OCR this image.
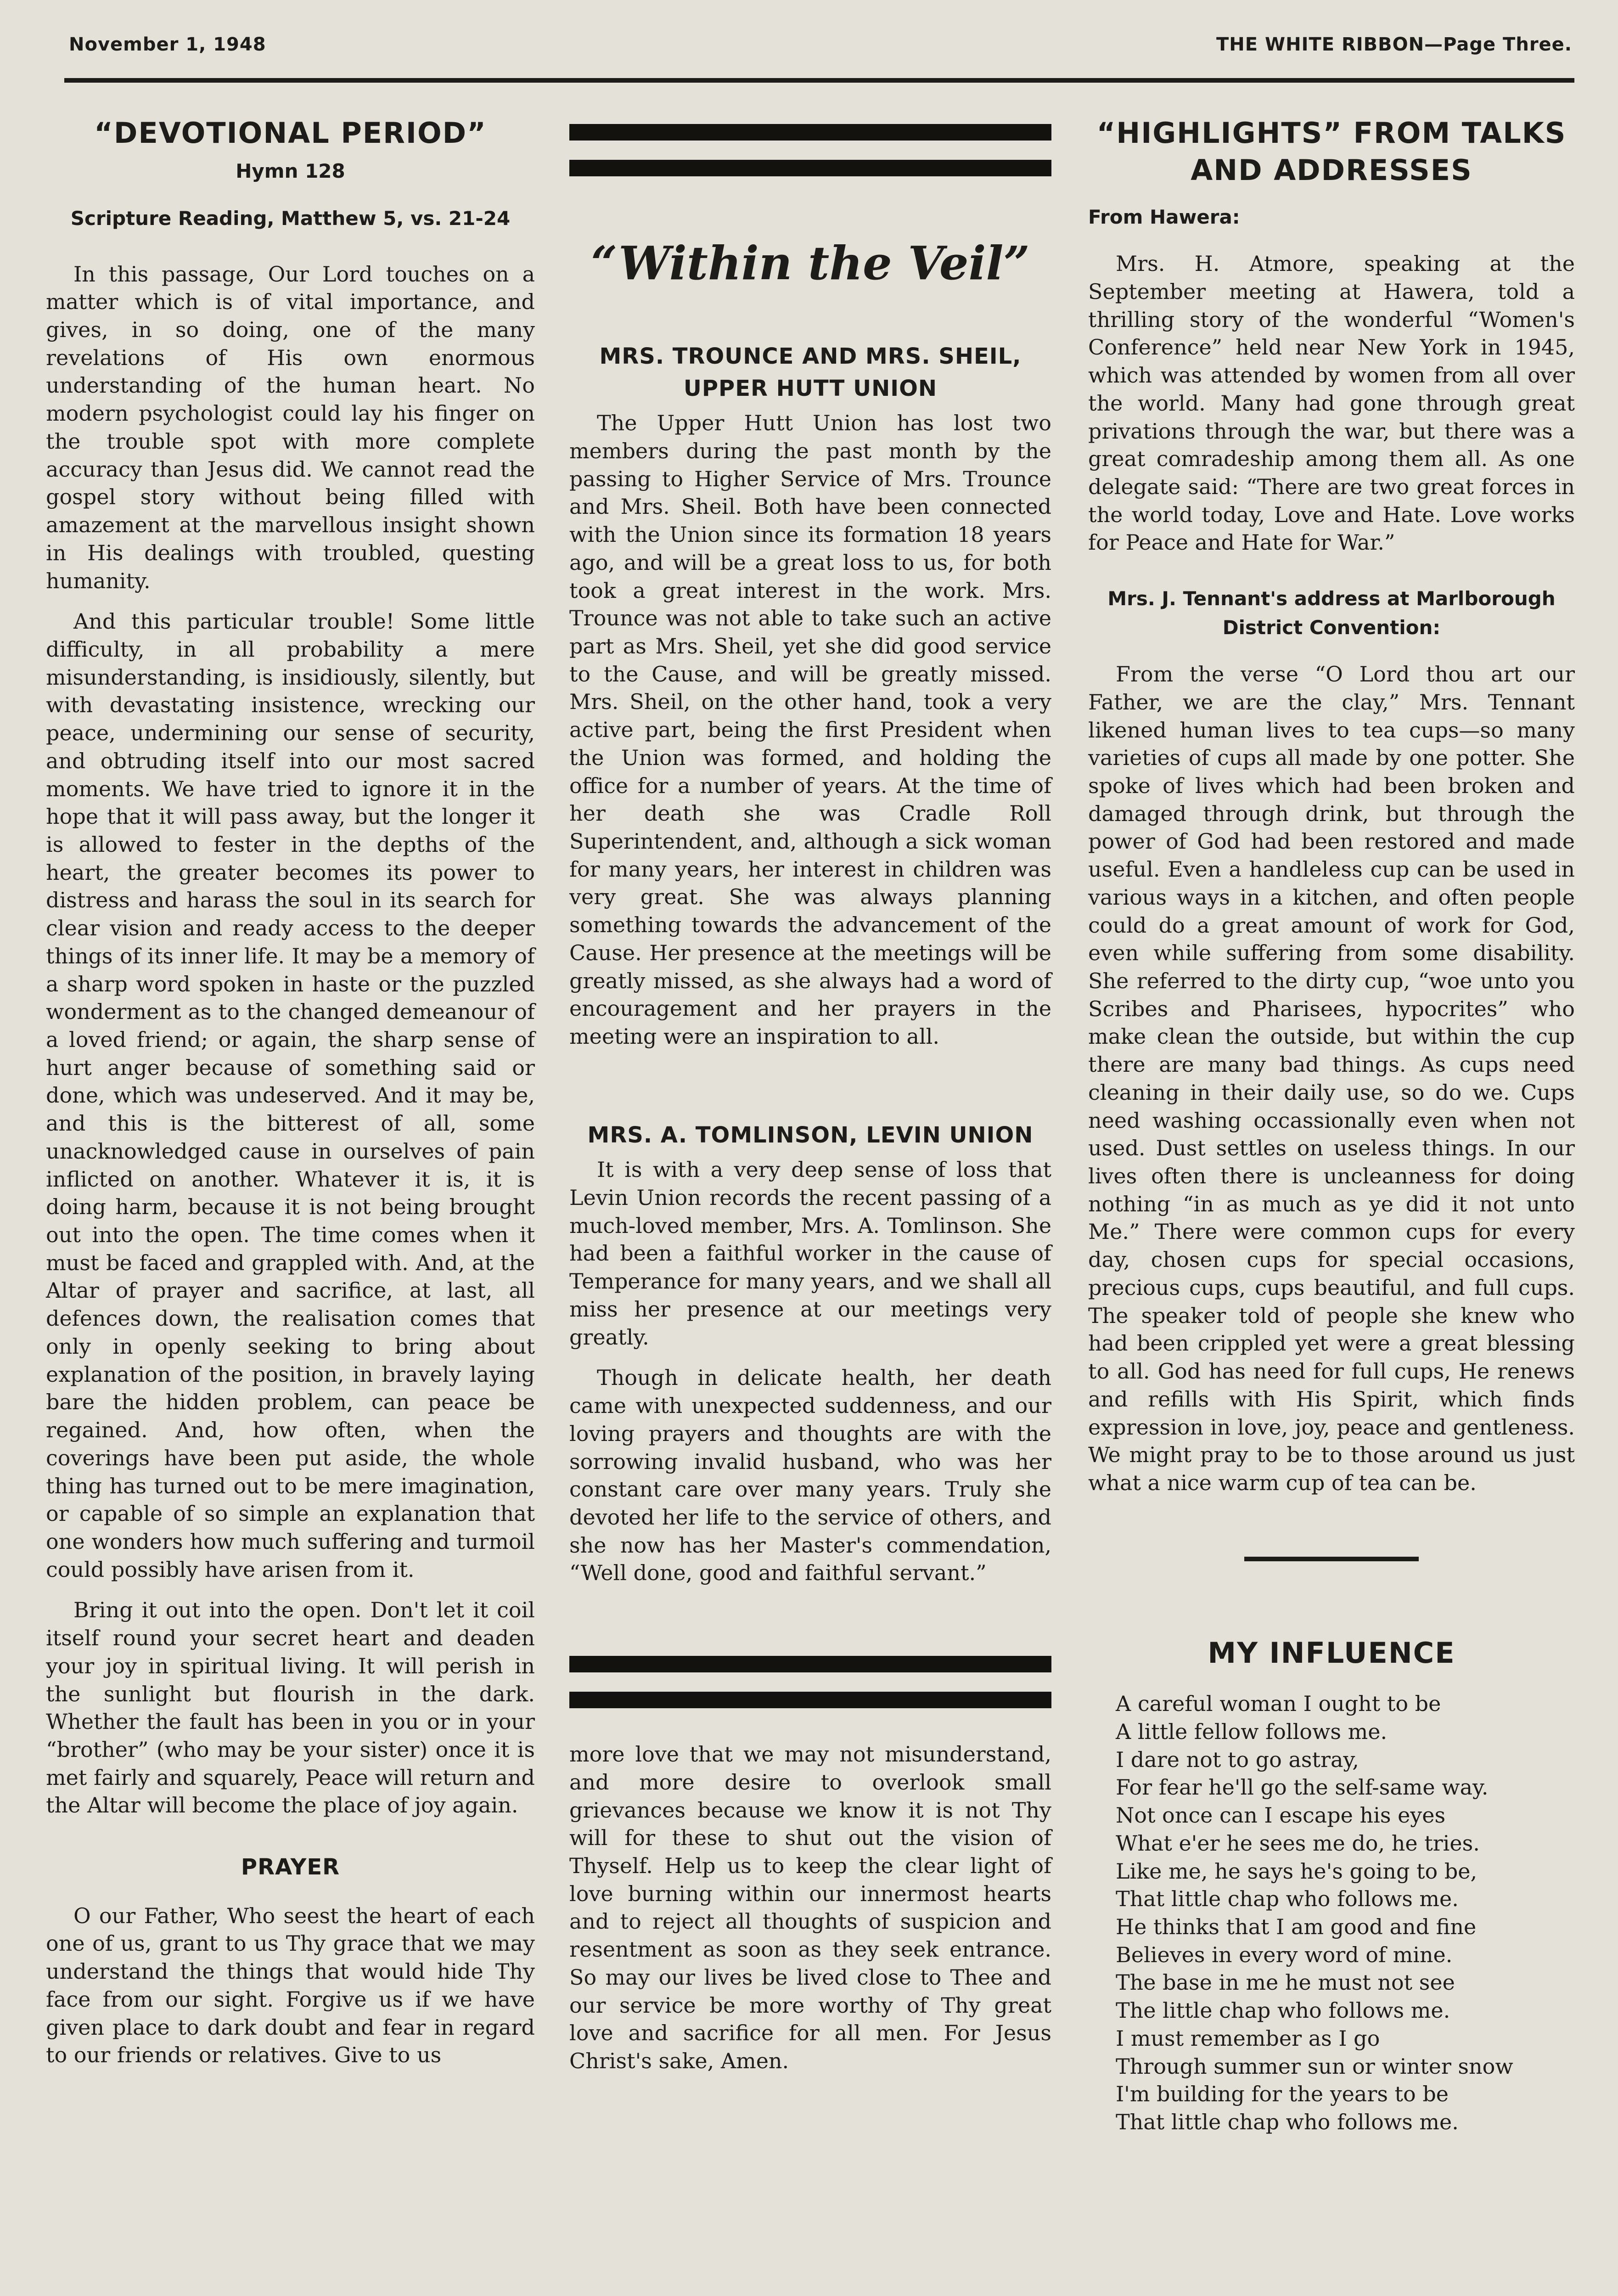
November 1, 1948	THE WHITE RIBBON—Page Three.
“DEVOTIONAL PERIOD”
Hymn 128
Scripture Reading, Matthew 5, vs. 21-24

In this passage, Our Lord touches on a matter which is of vital importance, and gives, in so doing, one of the many revelations of His own enormous understanding of the human heart. No modern psychologist could lay his finger on the trouble spot with more complete accuracy than Jesus did. We cannot read the gospel story without being filled with amazement at the marvellous insight shown in His dealings with troubled, questing humanity.

And this particular trouble! Some little difficulty, in all probability a mere misunderstanding, is insidiously, silently, but with devastating insistence, wrecking our peace, undermining our sense of security, and obtruding itself into our most sacred moments. We have tried to ignore it in the hope that it will pass away, but the longer it is allowed to fester in the depths of the heart, the greater becomes its power to distress and harass the soul in its search for clear vision and ready access to the deeper things of its inner life. It may be a memory of a sharp word spoken in haste or the puzzled wonderment as to the changed demeanour of a loved friend; or again, the sharp sense of hurt anger because of something said or done, which was undeserved. And it may be, and this is the bitterest of all, some unacknowledged cause in ourselves of pain inflicted on another. Whatever it is, it is doing harm, because it is not being brought out into the open. The time comes when it must be faced and grappled with. And, at the Altar of prayer and sacrifice, at last, all defences down, the realisation comes that only in openly seeking to bring about explanation of the position, in bravely laying bare the hidden problem, can peace be regained. And, how often, when the coverings have been put aside, the whole thing has turned out to be mere imagination, or capable of so simple an explanation that one wonders how much suffering and turmoil could possibly have arisen from it.

Bring it out into the open. Don't let it coil itself round your secret heart and deaden your joy in spiritual living. It will perish in the sunlight but flourish in the dark. Whether the fault has been in you or in your “brother” (who may be your sister) once it is met fairly and squarely, Peace will return and the Altar will become the place of joy again.

PRAYER

O our Father, Who seest the heart of each one of us, grant to us Thy grace that we may understand the things that would hide Thy face from our sight. Forgive us if we have given place to dark doubt and fear in regard to our friends or relatives. Give to us

“Within the Veil”
MRS. TROUNCE AND MRS. SHEIL, UPPER HUTT UNION

The Upper Hutt Union has lost two members during the past month by the passing to Higher Service of Mrs. Trounce and Mrs. Sheil. Both have been connected with the Union since its formation 18 years ago, and will be a great loss to us, for both took a great interest in the work. Mrs. Trounce was not able to take such an active part as Mrs. Sheil, yet she did good service to the Cause, and will be greatly missed. Mrs. Sheil, on the other hand, took a very active part, being the first President when the Union was formed, and holding the office for a number of years. At the time of her death she was Cradle Roll Superintendent, and, although a sick woman for many years, her interest in children was very great. She was always planning something towards the advancement of the Cause. Her presence at the meetings will be greatly missed, as she always had a word of encouragement and her prayers in the meeting were an inspiration to all.

MRS. A. TOMLINSON, LEVIN UNION

It is with a very deep sense of loss that Levin Union records the recent passing of a much-loved member, Mrs. A. Tomlinson. She had been a faithful worker in the cause of Temperance for many years, and we shall all miss her presence at our meetings very greatly.

Though in delicate health, her death came with unexpected suddenness, and our loving prayers and thoughts are with the sorrowing invalid husband, who was her constant care over many years. Truly she devoted her life to the service of others, and she now has her Master's commendation, “Well done, good and faithful servant.”

more love that we may not misunderstand, and more desire to overlook small grievances because we know it is not Thy will for these to shut out the vision of Thyself. Help us to keep the clear light of love burning within our innermost hearts and to reject all thoughts of suspicion and resentment as soon as they seek entrance. So may our lives be lived close to Thee and our service be more worthy of Thy great love and sacrifice for all men. For Jesus Christ's sake, Amen.

“HIGHLIGHTS” FROM TALKS AND ADDRESSES
From Hawera:

Mrs. H. Atmore, speaking at the September meeting at Hawera, told a thrilling story of the wonderful “Women's Conference” held near New York in 1945, which was attended by women from all over the world. Many had gone through great privations through the war, but there was a great comradeship among them all. As one delegate said: “There are two great forces in the world today, Love and Hate. Love works for Peace and Hate for War.”

Mrs. J. Tennant's address at Marlborough District Convention:

From the verse “O Lord thou art our Father, we are the clay,” Mrs. Tennant likened human lives to tea cups—so many varieties of cups all made by one potter. She spoke of lives which had been broken and damaged through drink, but through the power of God had been restored and made useful. Even a handleless cup can be used in various ways in a kitchen, and often people could do a great amount of work for God, even while suffering from some disability. She referred to the dirty cup, “woe unto you Scribes and Pharisees, hypocrites” who make clean the outside, but within the cup there are many bad things. As cups need cleaning in their daily use, so do we. Cups need washing occassionally even when not used. Dust settles on useless things. In our lives often there is uncleanness for doing nothing “in as much as ye did it not unto Me.” There were common cups for every day, chosen cups for special occasions, precious cups, cups beautiful, and full cups. The speaker told of people she knew who had been crippled yet were a great blessing to all. God has need for full cups, He renews and refills with His Spirit, which finds expression in love, joy, peace and gentleness. We might pray to be to those around us just what a nice warm cup of tea can be.

MY INFLUENCE
A careful woman I ought to be
A little fellow follows me.
I dare not to go astray,
For fear he'll go the self-same way.
Not once can I escape his eyes
What e'er he sees me do, he tries.
Like me, he says he's going to be,
That little chap who follows me.
He thinks that I am good and fine
Believes in every word of mine.
The base in me he must not see
The little chap who follows me.
I must remember as I go
Through summer sun or winter snow
I'm building for the years to be
That little chap who follows me.
